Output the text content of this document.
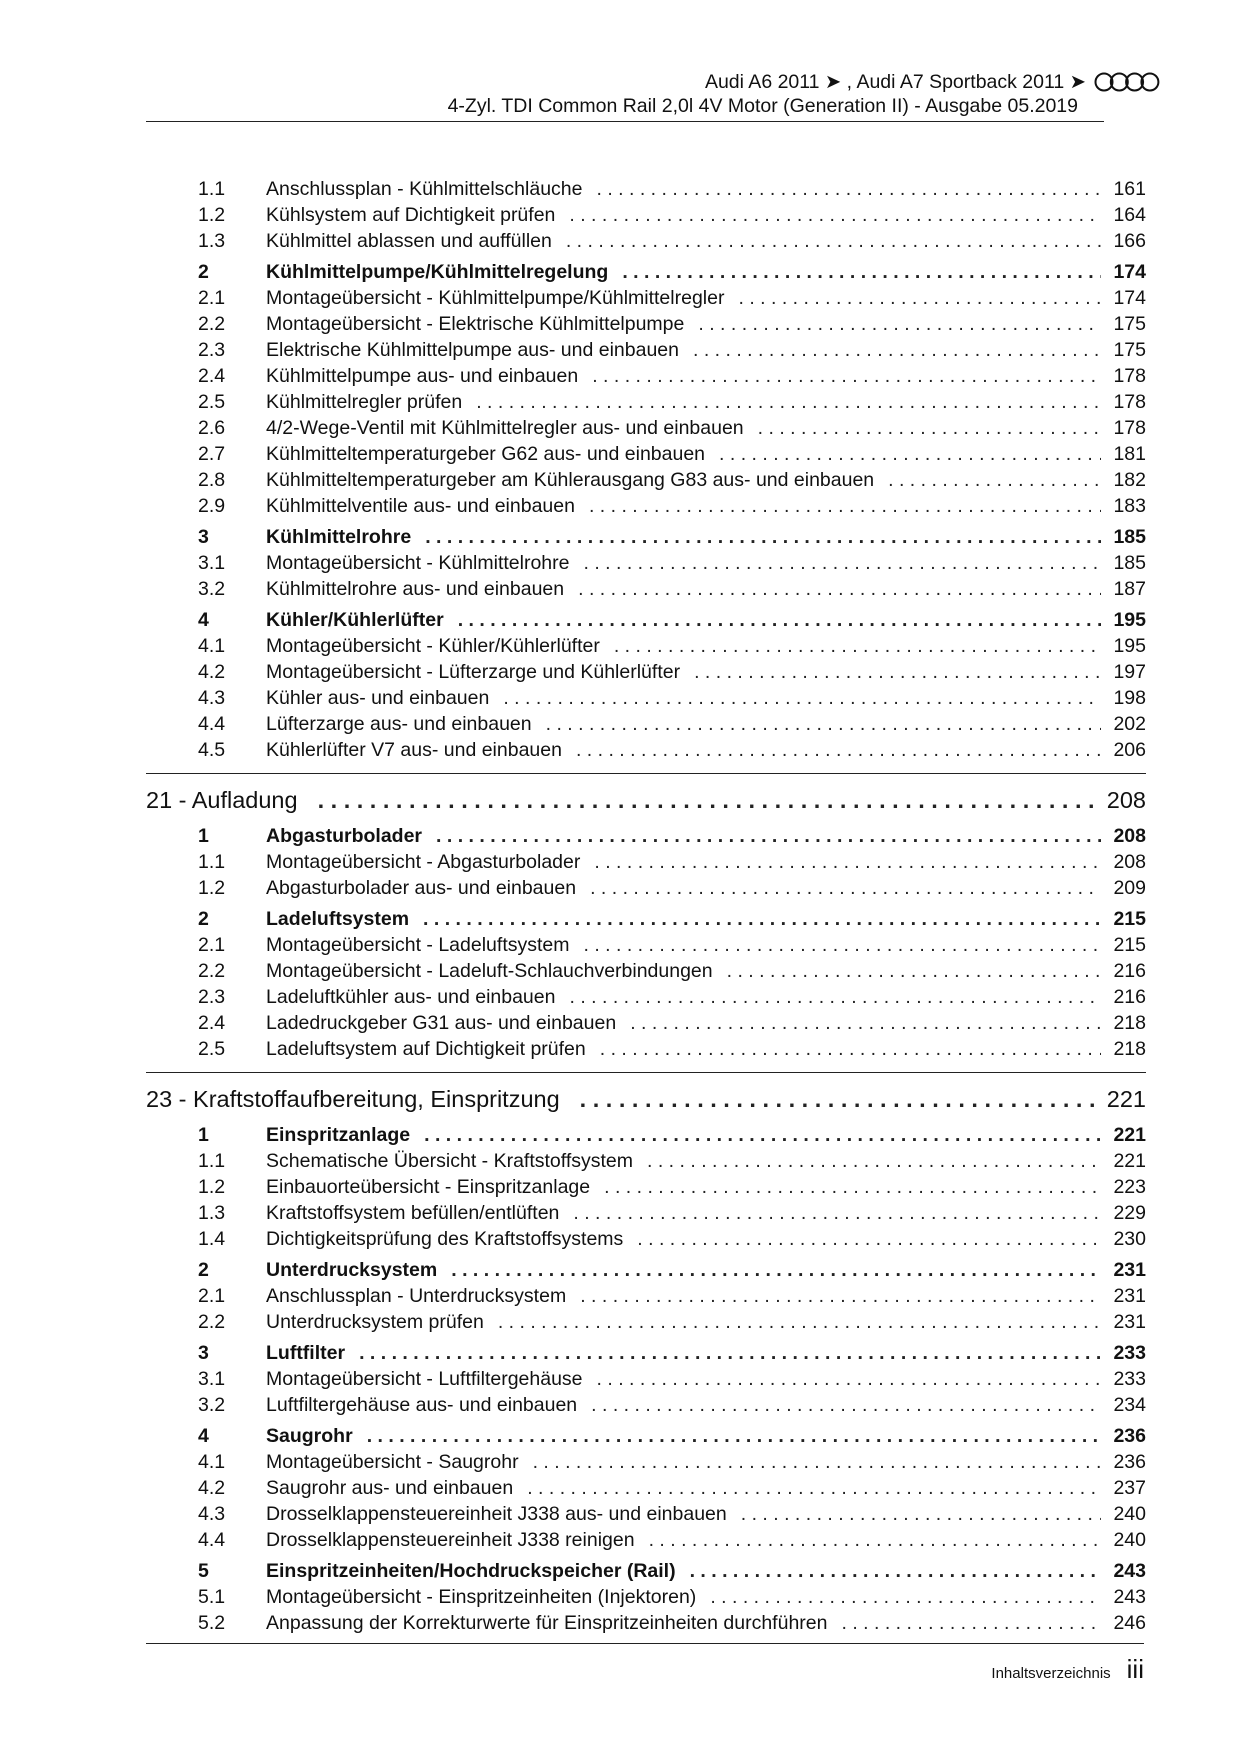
Audi A6 2011 ➤ , Audi A7 Sportback 2011 ➤
4-Zyl. TDI Common Rail 2,0l 4V Motor (Generation II) - Ausgabe 05.2019
1.1 Anschlussplan - Kühlmittelschläuche . . .	161
1.2 Kühlsystem auf Dichtigkeit prüfen . . .	164
1.3 Kühlmittel ablassen und auffüllen . . .	166
2	Kühlmittelpumpe/Kühlmittelregelung . . .	174
2.1 Montageübersicht - Kühlmittelpumpe/Kühlmittelregler . . .	174
2.2 Montageübersicht - Elektrische Kühlmittelpumpe . . .	175
2.3 Elektrische Kühlmittelpumpe aus- und einbauen . . .	175
2.4 Kühlmittelpumpe aus- und einbauen . . .	178
2.5 Kühlmittelregler prüfen . . .	178
2.6 4/2-Wege-Ventil mit Kühlmittelregler aus- und einbauen . . .	178
2.7 Kühlmitteltemperaturgeber G62 aus- und einbauen . . .	181
2.8 Kühlmitteltemperaturgeber am Kühlerausgang G83 aus- und einbauen . . .	182
2.9 Kühlmittelventile aus- und einbauen . . .	183
3	Kühlmittelrohre . . .	185
3.1 Montageübersicht - Kühlmittelrohre . . .	185
3.2 Kühlmittelrohre aus- und einbauen . . .	187
4	Kühler/Kühlerlüfter . . .	195
4.1 Montageübersicht - Kühler/Kühlerlüfter . . .	195
4.2 Montageübersicht - Lüfterzarge und Kühlerlüfter . . .	197
4.3 Kühler aus- und einbauen . . .	198
4.4 Lüfterzarge aus- und einbauen . . .	202
4.5 Kühlerlüfter V7 aus- und einbauen . . .	206
21 - Aufladung . . .	208
1	Abgasturbolader . . .	208
1.1 Montageübersicht - Abgasturbolader . . .	208
1.2 Abgasturbolader aus- und einbauen . . .	209
2	Ladeluftsystem . . .	215
2.1 Montageübersicht - Ladeluftsystem . . .	215
2.2 Montageübersicht - Ladeluft-Schlauchverbindungen . . .	216
2.3 Ladeluftkühler aus- und einbauen . . .	216
2.4 Ladedruckgeber G31 aus- und einbauen . . .	218
2.5 Ladeluftsystem auf Dichtigkeit prüfen . . .	218
23 - Kraftstoffaufbereitung, Einspritzung . . .	221
1	Einspritzanlage . . .	221
1.1 Schematische Übersicht - Kraftstoffsystem . . .	221
1.2 Einbauorteübersicht - Einspritzanlage . . .	223
1.3 Kraftstoffsystem befüllen/entlüften . . .	229
1.4 Dichtigkeitsprüfung des Kraftstoffsystems . . .	230
2	Unterdrucksystem . . .	231
2.1 Anschlussplan - Unterdrucksystem . . .	231
2.2 Unterdrucksystem prüfen . . .	231
3	Luftfilter . . .	233
3.1 Montageübersicht - Luftfiltergehäuse . . .	233
3.2 Luftfiltergehäuse aus- und einbauen . . .	234
4	Saugrohr . . .	236
4.1 Montageübersicht - Saugrohr . . .	236
4.2 Saugrohr aus- und einbauen . . .	237
4.3 Drosselklappensteuereinheit J338 aus- und einbauen . . .	240
4.4 Drosselklappensteuereinheit J338 reinigen . . .	240
5	Einspritzeinheiten/Hochdruckspeicher (Rail) . . .	243
5.1 Montageübersicht - Einspritzeinheiten (Injektoren) . . .	243
5.2 Anpassung der Korrekturwerte für Einspritzeinheiten durchführen . . .	246
Inhaltsverzeichnis iii
